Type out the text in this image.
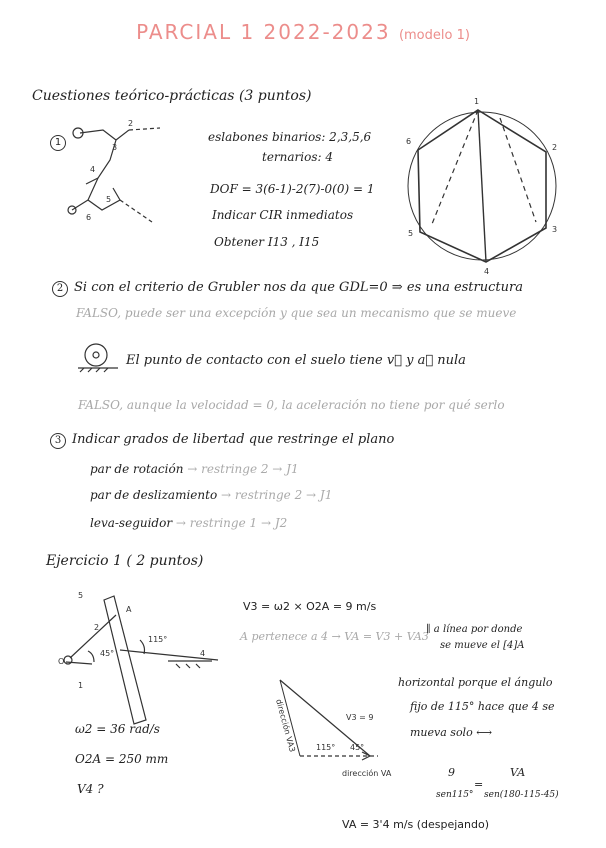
PARCIAL 1 2022-2023 (modelo 1)
Cuestiones teórico-prácticas (3 puntos)
1	eslabones binarios: 2,3,5,6
ternarios: 4
DOF = 3(6-1)-2(7)-0(0) = 1
Indicar CIR inmediatos
Obtener I13 , I15
2 Si con el criterio de Grubler nos da que GDL=0 ⇒ es una estructura
FALSO, puede ser una excepción y que sea un mecanismo que se mueve
El punto de contacto con el suelo tiene v⃗ y a⃗ nula
FALSO, aunque la velocidad = 0, la aceleración no tiene por qué serlo
3 Indicar grados de libertad que restringe el plano
par de rotación → restringe 2 → J1
par de deslizamiento → restringe 2 → J1
leva-seguidor → restringe 1 → J2
Ejercicio 1 ( 2 puntos)
ω2 = 36 rad/s
O2A = 250 mm
V4 ?
V3 = ω2 × O2A = 9 m/s
A pertenece a 4 → VA = V3 + VA3
∥ a línea por donde
se mueve el [4]A
horizontal porque el ángulo
fijo de 115° hace que 4 se
mueva solo ⟷
9
sen115°
=
VA
sen(180-115-45)
VA = 3'4 m/s (despejando)
2
3
4
5
6
1
2
3
4
5
6
5
A
2
O
1
4
115°
45°
115° 45°
V3 = 9
dirección VA
dirección VA3
